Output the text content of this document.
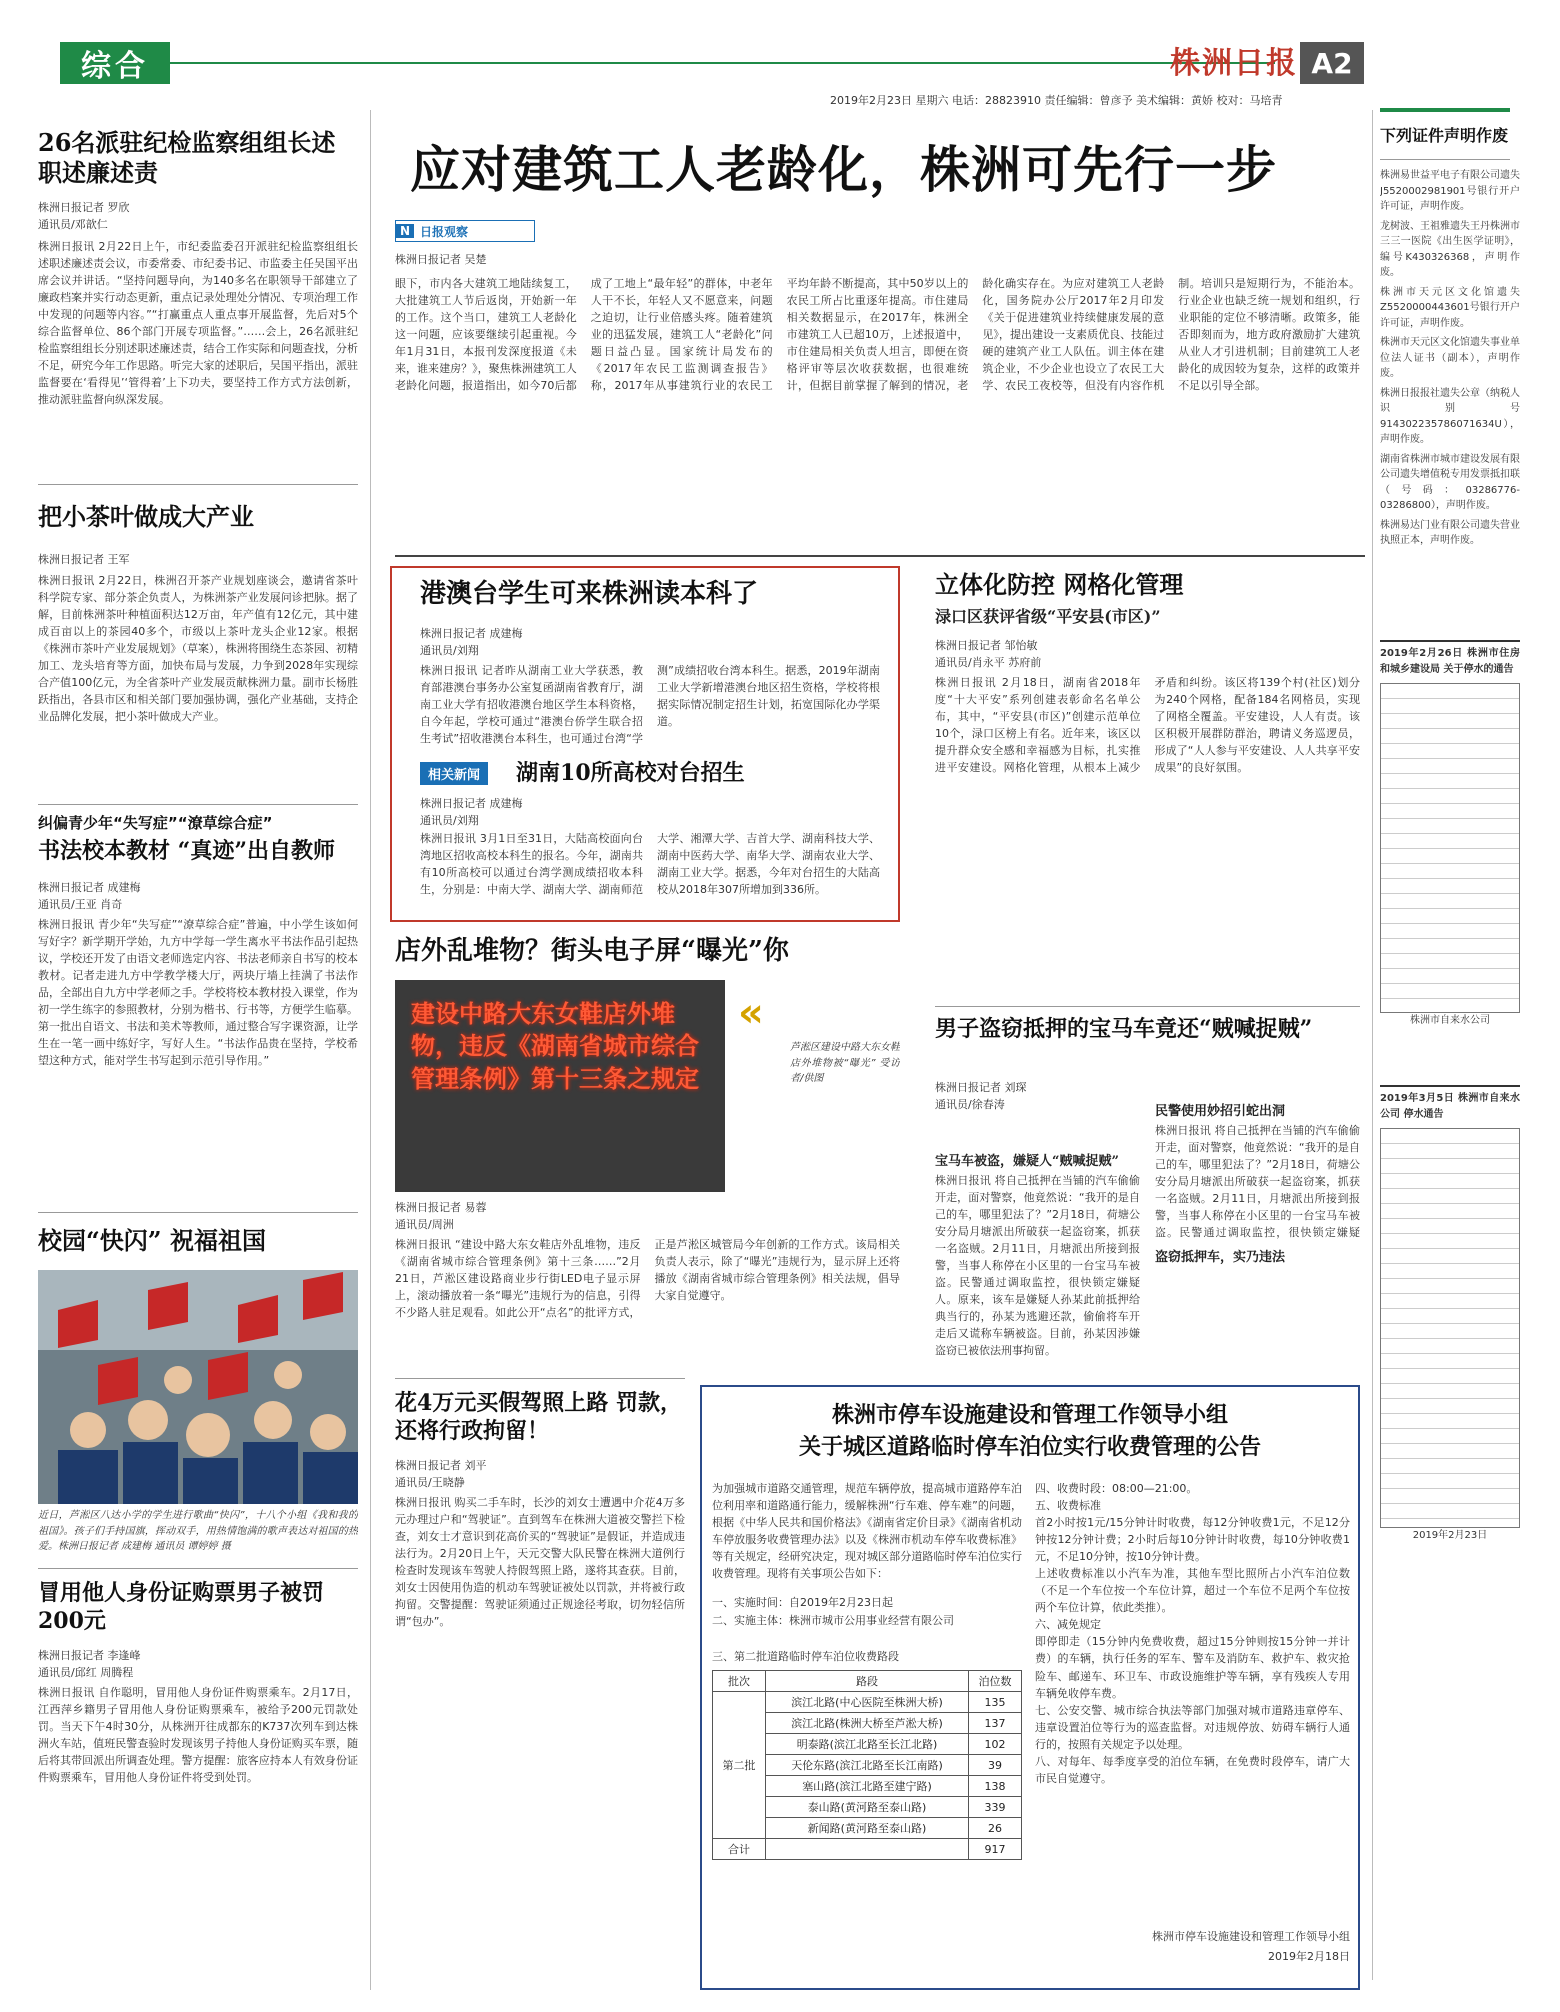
综合	株洲日报 A2
2019年2月23日 星期六 电话：28823910 责任编辑：曾彦予 美术编辑：黄娇 校对：马培青
下列证件声明作废
应对建筑工人老龄化，株洲可先行一步
26名派驻纪检监察组组长述职述廉述责
株洲日报记者 罗欣
通讯员/邓歆仁
株洲日报讯 2月22日上午，市纪委监委召开派驻纪检监察组组长述职述廉述责会议，市委常委、市纪委书记、市监委主任吴国平出席会议并讲话。“坚持问题导向，为140多名在职领导干部建立了廉政档案并实行动态更新，重点记录处理处分情况、专项治理工作中发现的问题等内容。”“打赢重点人重点事开展监督，先后对5个综合监督单位、86个部门开展专项监督。”……会上，26名派驻纪检监察组组长分别述职述廉述责，结合工作实际和问题查找，分析不足，研究今年工作思路。听完大家的述职后，吴国平指出，派驻监督要在‘看得见’‘管得着’上下功夫，要坚持工作方式方法创新，推动派驻监督向纵深发展。
把小茶叶做成大产业
株洲日报记者 王军
株洲日报讯 2月22日，株洲召开茶产业规划座谈会，邀请省茶叶科学院专家、部分茶企负责人，为株洲茶产业发展问诊把脉。据了解，目前株洲茶叶种植面积达12万亩，年产值有12亿元，其中建成百亩以上的茶园40多个，市级以上茶叶龙头企业12家。根据《株洲市茶叶产业发展规划》（草案），株洲将围绕生态茶园、初精加工、龙头培育等方面，加快布局与发展，力争到2028年实现综合产值100亿元，为全省茶叶产业发展贡献株洲力量。副市长杨胜跃指出，各县市区和相关部门要加强协调，强化产业基础，支持企业品牌化发展，把小茶叶做成大产业。
纠偏青少年“失写症”“潦草综合症”
书法校本教材 “真迹”出自教师
株洲日报记者 成建梅
通讯员/王亚 肖奇
株洲日报讯 青少年“失写症”“潦草综合症”普遍，中小学生该如何写好字？新学期开学始，九方中学每一学生离水平书法作品引起热议，学校还开发了由语文老师选定内容、书法老师亲自书写的校本教材。记者走进九方中学教学楼大厅，两块厅墙上挂满了书法作品，全部出自九方中学老师之手。学校将校本教材投入课堂，作为初一学生练字的参照教材，分别为楷书、行书等，方便学生临摹。第一批出自语文、书法和美术等教师，通过整合写字课资源，让学生在一笔一画中练好字，写好人生。“书法作品贵在坚持，学校希望这种方式，能对学生书写起到示范引导作用。”
校园“快闪” 祝福祖国
近日，芦淞区八达小学的学生进行歌曲“快闪”，十八个小组《我和我的祖国》。孩子们手持国旗，挥动双手，用热情饱满的歌声表达对祖国的热爱。株洲日报记者 成建梅 通讯员 谭婷婷 摄
冒用他人身份证购票男子被罚200元
株洲日报记者 李逢峰
通讯员/邱红 周腾程
株洲日报讯 自作聪明，冒用他人身份证件购票乘车。2月17日，江西萍乡籍男子冒用他人身份证购票乘车，被给予200元罚款处罚。当天下午4时30分，从株洲开往成都东的K737次列车到达株洲火车站，值班民警查验时发现该男子持他人身份证购买车票，随后将其带回派出所调查处理。警方提醒：旅客应持本人有效身份证件购票乘车，冒用他人身份证件将受到处罚。
N 日报观察
株洲日报记者 吴楚
眼下，市内各大建筑工地陆续复工，大批建筑工人节后返岗，开始新一年的工作。这个当口，建筑工人老龄化这一问题，应该要继续引起重视。今年1月31日，本报刊发深度报道《未来，谁来建房？》，聚焦株洲建筑工人老龄化问题，报道指出，如今70后都成了工地上“最年轻”的群体，中老年人干不长，年轻人又不愿意来，问题之迫切，让行业倍感头疼。随着建筑业的迅猛发展，建筑工人“老龄化”问题日益凸显。国家统计局发布的《2017年农民工监测调查报告》称，2017年从事建筑行业的农民工平均年龄不断提高，其中50岁以上的农民工所占比重逐年提高。市住建局相关数据显示，在2017年，株洲全市建筑工人已超10万，上述报道中，市住建局相关负责人坦言，即便在资格评审等层次收获数据，也很难统计，但据目前掌握了解到的情况，老龄化确实存在。为应对建筑工人老龄化，国务院办公厅2017年2月印发《关于促进建筑业持续健康发展的意见》，提出建设一支素质优良、技能过硬的建筑产业工人队伍。训主体在建筑企业，不少企业也设立了农民工大学、农民工夜校等，但没有内容作机制。培训只是短期行为，不能治本。行业企业也缺乏统一规划和组织，行业职能的定位不够清晰。政策多，能否即刻而为，地方政府激励扩大建筑从业人才引进机制；目前建筑工人老龄化的成因较为复杂，这样的政策并不足以引导全部。
港澳台学生可来株洲读本科了
株洲日报记者 成建梅
通讯员/刘翔
株洲日报讯 记者昨从湖南工业大学获悉，教育部港澳台事务办公室复函湖南省教育厅，湖南工业大学有招收港澳台地区学生本科资格，自今年起，学校可通过“港澳台侨学生联合招生考试”招收港澳台本科生，也可通过台湾“学测”成绩招收台湾本科生。据悉，2019年湖南工业大学新增港澳台地区招生资格，学校将根据实际情况制定招生计划，拓宽国际化办学渠道。
相关新闻	湖南10所高校对台招生
株洲日报记者 成建梅
通讯员/刘翔
株洲日报讯 3月1日至31日，大陆高校面向台湾地区招收高校本科生的报名。今年，湖南共有10所高校可以通过台湾学测成绩招收本科生，分别是：中南大学、湖南大学、湖南师范大学、湘潭大学、吉首大学、湖南科技大学、湖南中医药大学、南华大学、湖南农业大学、湖南工业大学。据悉，今年对台招生的大陆高校从2018年307所增加到336所。
店外乱堆物？街头电子屏“曝光”你
建设中路大东女鞋店外堆物，违反《湖南省城市综合管理条例》第十三条之规定
«
芦淞区建设中路大东女鞋店外堆物被“曝光” 受访者/供图
株洲日报记者 易蓉
通讯员/周洲
株洲日报讯 “建设中路大东女鞋店外乱堆物，违反《湖南省城市综合管理条例》第十三条……”2月21日，芦淞区建设路商业步行街LED电子显示屏上，滚动播放着一条“曝光”违规行为的信息，引得不少路人驻足观看。如此公开“点名”的批评方式，正是芦淞区城管局今年创新的工作方式。该局相关负责人表示，除了“曝光”违规行为，显示屏上还将播放《湖南省城市综合管理条例》相关法规，倡导大家自觉遵守。
花4万元买假驾照上路 罚款，还将行政拘留！
株洲日报记者 刘平
通讯员/王晓静
株洲日报讯 购买二手车时，长沙的刘女士遭遇中介花4万多元办理过户和“驾驶证”。直到驾车在株洲大道被交警拦下检查，刘女士才意识到花高价买的“驾驶证”是假证，并造成违法行为。2月20日上午，天元交警大队民警在株洲大道例行检查时发现该车驾驶人持假驾照上路，遂将其查获。目前，刘女士因使用伪造的机动车驾驶证被处以罚款，并将被行政拘留。交警提醒：驾驶证须通过正规途径考取，切勿轻信所谓“包办”。
立体化防控 网格化管理
渌口区获评省级“平安县(市区)”
株洲日报记者 邹怡敏
通讯员/肖永平 苏府前
株洲日报讯 2月18日，湖南省2018年度“十大平安”系列创建表彰命名名单公布，其中，“平安县(市区)”创建示范单位10个，渌口区榜上有名。近年来，该区以提升群众安全感和幸福感为目标，扎实推进平安建设。网格化管理，从根本上减少矛盾和纠纷。该区将139个村(社区)划分为240个网格，配备184名网格员，实现了网格全覆盖。平安建设，人人有责。该区积极开展群防群治，聘请义务巡逻员，形成了“人人参与平安建设、人人共享平安成果”的良好氛围。
男子盗窃抵押的宝马车竟还“贼喊捉贼”
株洲日报记者 刘琛
通讯员/徐春涛
宝马车被盗，嫌疑人“贼喊捉贼”
民警使用妙招引蛇出洞
盗窃抵押车，实乃违法
株洲日报讯 将自己抵押在当铺的汽车偷偷开走，面对警察，他竟然说：“我开的是自己的车，哪里犯法了？”2月18日，荷塘公安分局月塘派出所破获一起盗窃案，抓获一名盗贼。2月11日，月塘派出所接到报警，当事人称停在小区里的一台宝马车被盗。民警通过调取监控，很快锁定嫌疑人。原来，该车是嫌疑人孙某此前抵押给典当行的，孙某为逃避还款，偷偷将车开走后又谎称车辆被盗。目前，孙某因涉嫌盗窃已被依法刑事拘留。
株洲日报讯 将自己抵押在当铺的汽车偷偷开走，面对警察，他竟然说：“我开的是自己的车，哪里犯法了？”2月18日，荷塘公安分局月塘派出所破获一起盗窃案，抓获一名盗贼。2月11日，月塘派出所接到报警，当事人称停在小区里的一台宝马车被盗。民警通过调取监控，很快锁定嫌疑
株洲易世益平电子有限公司遗失J5520002981901号银行开户许可证，声明作废。
龙树波、王祖雅遗失王丹株洲市三三一医院《出生医学证明》，编号K430326368，声明作废。
株洲市天元区文化馆遗失Z5520000443601号银行开户许可证，声明作废。
株洲市天元区文化馆遗失事业单位法人证书（副本），声明作废。
株洲日报报社遗失公章（纳税人识别号914302235786071634U），声明作废。
湖南省株洲市城市建设发展有限公司遗失增值税专用发票抵扣联（号码：03286776-03286800），声明作废。
株洲易达门业有限公司遗失营业执照正本，声明作废。
2019年2月26日 株洲市住房和城乡建设局 关于停水的通告
株洲市自来水公司
2019年3月5日 株洲市自来水公司 停水通告
2019年2月23日
株洲市停车设施建设和管理工作领导小组
关于城区道路临时停车泊位实行收费管理的公告
为加强城市道路交通管理，规范车辆停放，提高城市道路停车泊位利用率和道路通行能力，缓解株洲“行车难、停车难”的问题，根据《中华人民共和国价格法》《湖南省定价目录》《湖南省机动车停放服务收费管理办法》以及《株洲市机动车停车收费标准》等有关规定，经研究决定，现对城区部分道路临时停车泊位实行收费管理。现将有关事项公告如下：
一、实施时间：自2019年2月23日起
二、实施主体：株洲市城市公用事业经营有限公司
三、第二批道路临时停车泊位收费路段
批次	路段	泊位数
第二批	滨江北路(中心医院至株洲大桥)	135
	滨江北路(株洲大桥至芦淞大桥)	137
	明泰路(滨江北路至长江北路)	102
	天伦东路(滨江北路至长江南路)	39
	塞山路(滨江北路至建宁路)	138
	泰山路(黄河路至泰山路)	339
	新闻路(黄河路至泰山路)	26
合计		917
四、收费时段：08:00—21:00。
五、收费标准
首2小时按1元/15分钟计时收费，每12分钟收费1元，不足12分钟按12分钟计费；2小时后每10分钟计时收费，每10分钟收费1元，不足10分钟，按10分钟计费。
上述收费标准以小汽车为准，其他车型比照所占小汽车泊位数（不足一个车位按一个车位计算，超过一个车位不足两个车位按两个车位计算，依此类推）。
六、减免规定
即停即走（15分钟内免费收费，超过15分钟则按15分钟一并计费）的车辆，执行任务的军车、警车及消防车、救护车、救灾抢险车、邮递车、环卫车、市政设施维护等车辆，享有残疾人专用车辆免收停车费。
七、公安交警、城市综合执法等部门加强对城市道路违章停车、违章设置泊位等行为的巡查监督。对违规停放、妨碍车辆行人通行的，按照有关规定予以处理。
八、对每年、每季度享受的泊位车辆，在免费时段停车，请广大市民自觉遵守。
株洲市停车设施建设和管理工作领导小组
2019年2月18日
